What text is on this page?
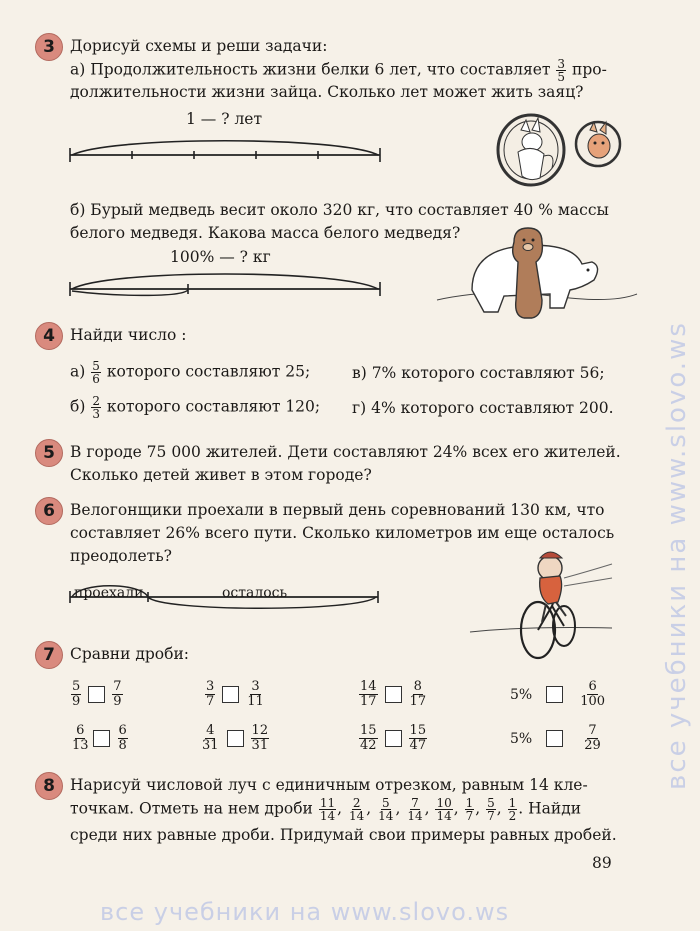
все учебники на www.slovo.ws
все учебники на www.slovo.ws
3 Дорисуй схемы и реши задачи:
а) Продолжительность жизни белки 6 лет, что составляет $\frac{3}{5} про-$
должительности жизни зайца. Сколько лет может жить заяц?
1 — ? лет
б) Бурый медведь весит около 320 кг, что составляет 40 % массы
белого медведя. Какова масса белого медведя?
100% — ? кг
4 Найди число :
$а) \frac{5}{6}$ которого составляют 25;	в) 7% которого составляют 56;
$б) \frac{2}{3}$ которого составляют 120; г) 4% которого составляют 200.
5 В городе 75 000 жителей. Дети составляют 24% всех его жителей.
Сколько детей живет в этом городе?
6 Велогонщики проехали в первый день соревнований 130 км, что
составляет 26% всего пути. Сколько километров им еще осталось
преодолеть?
проехали	осталось
7 Сравни дроби:
$\frac{5}{9} \frac{7}{9}$	$\frac{3}{7} \frac{3}{11}$	$\frac{14}{17} \frac{8}{17}$	5%	$\frac{6}{100}$
$\frac{6}{13} \frac{6}{8}$	$\frac{4}{31} \frac{12}{31}$	$\frac{15}{42} \frac{15}{47}$	5%	$\frac{7}{29}$
8 Нарисуй числовой луч с единичным отрезком, равным 14 кле-
точкам. Отметь на нем дроби $\frac{11}{14}$ , $\frac{2}{14}$ , $\frac{5}{14}$ , $\frac{7}{14}$ , $\frac{10}{14}$ , $\frac{1}{7}$ , $\frac{5}{7}$ , $\frac{1}{2}$ . Найди
среди них равные дроби. Придумай свои примеры равных дробей.
89
